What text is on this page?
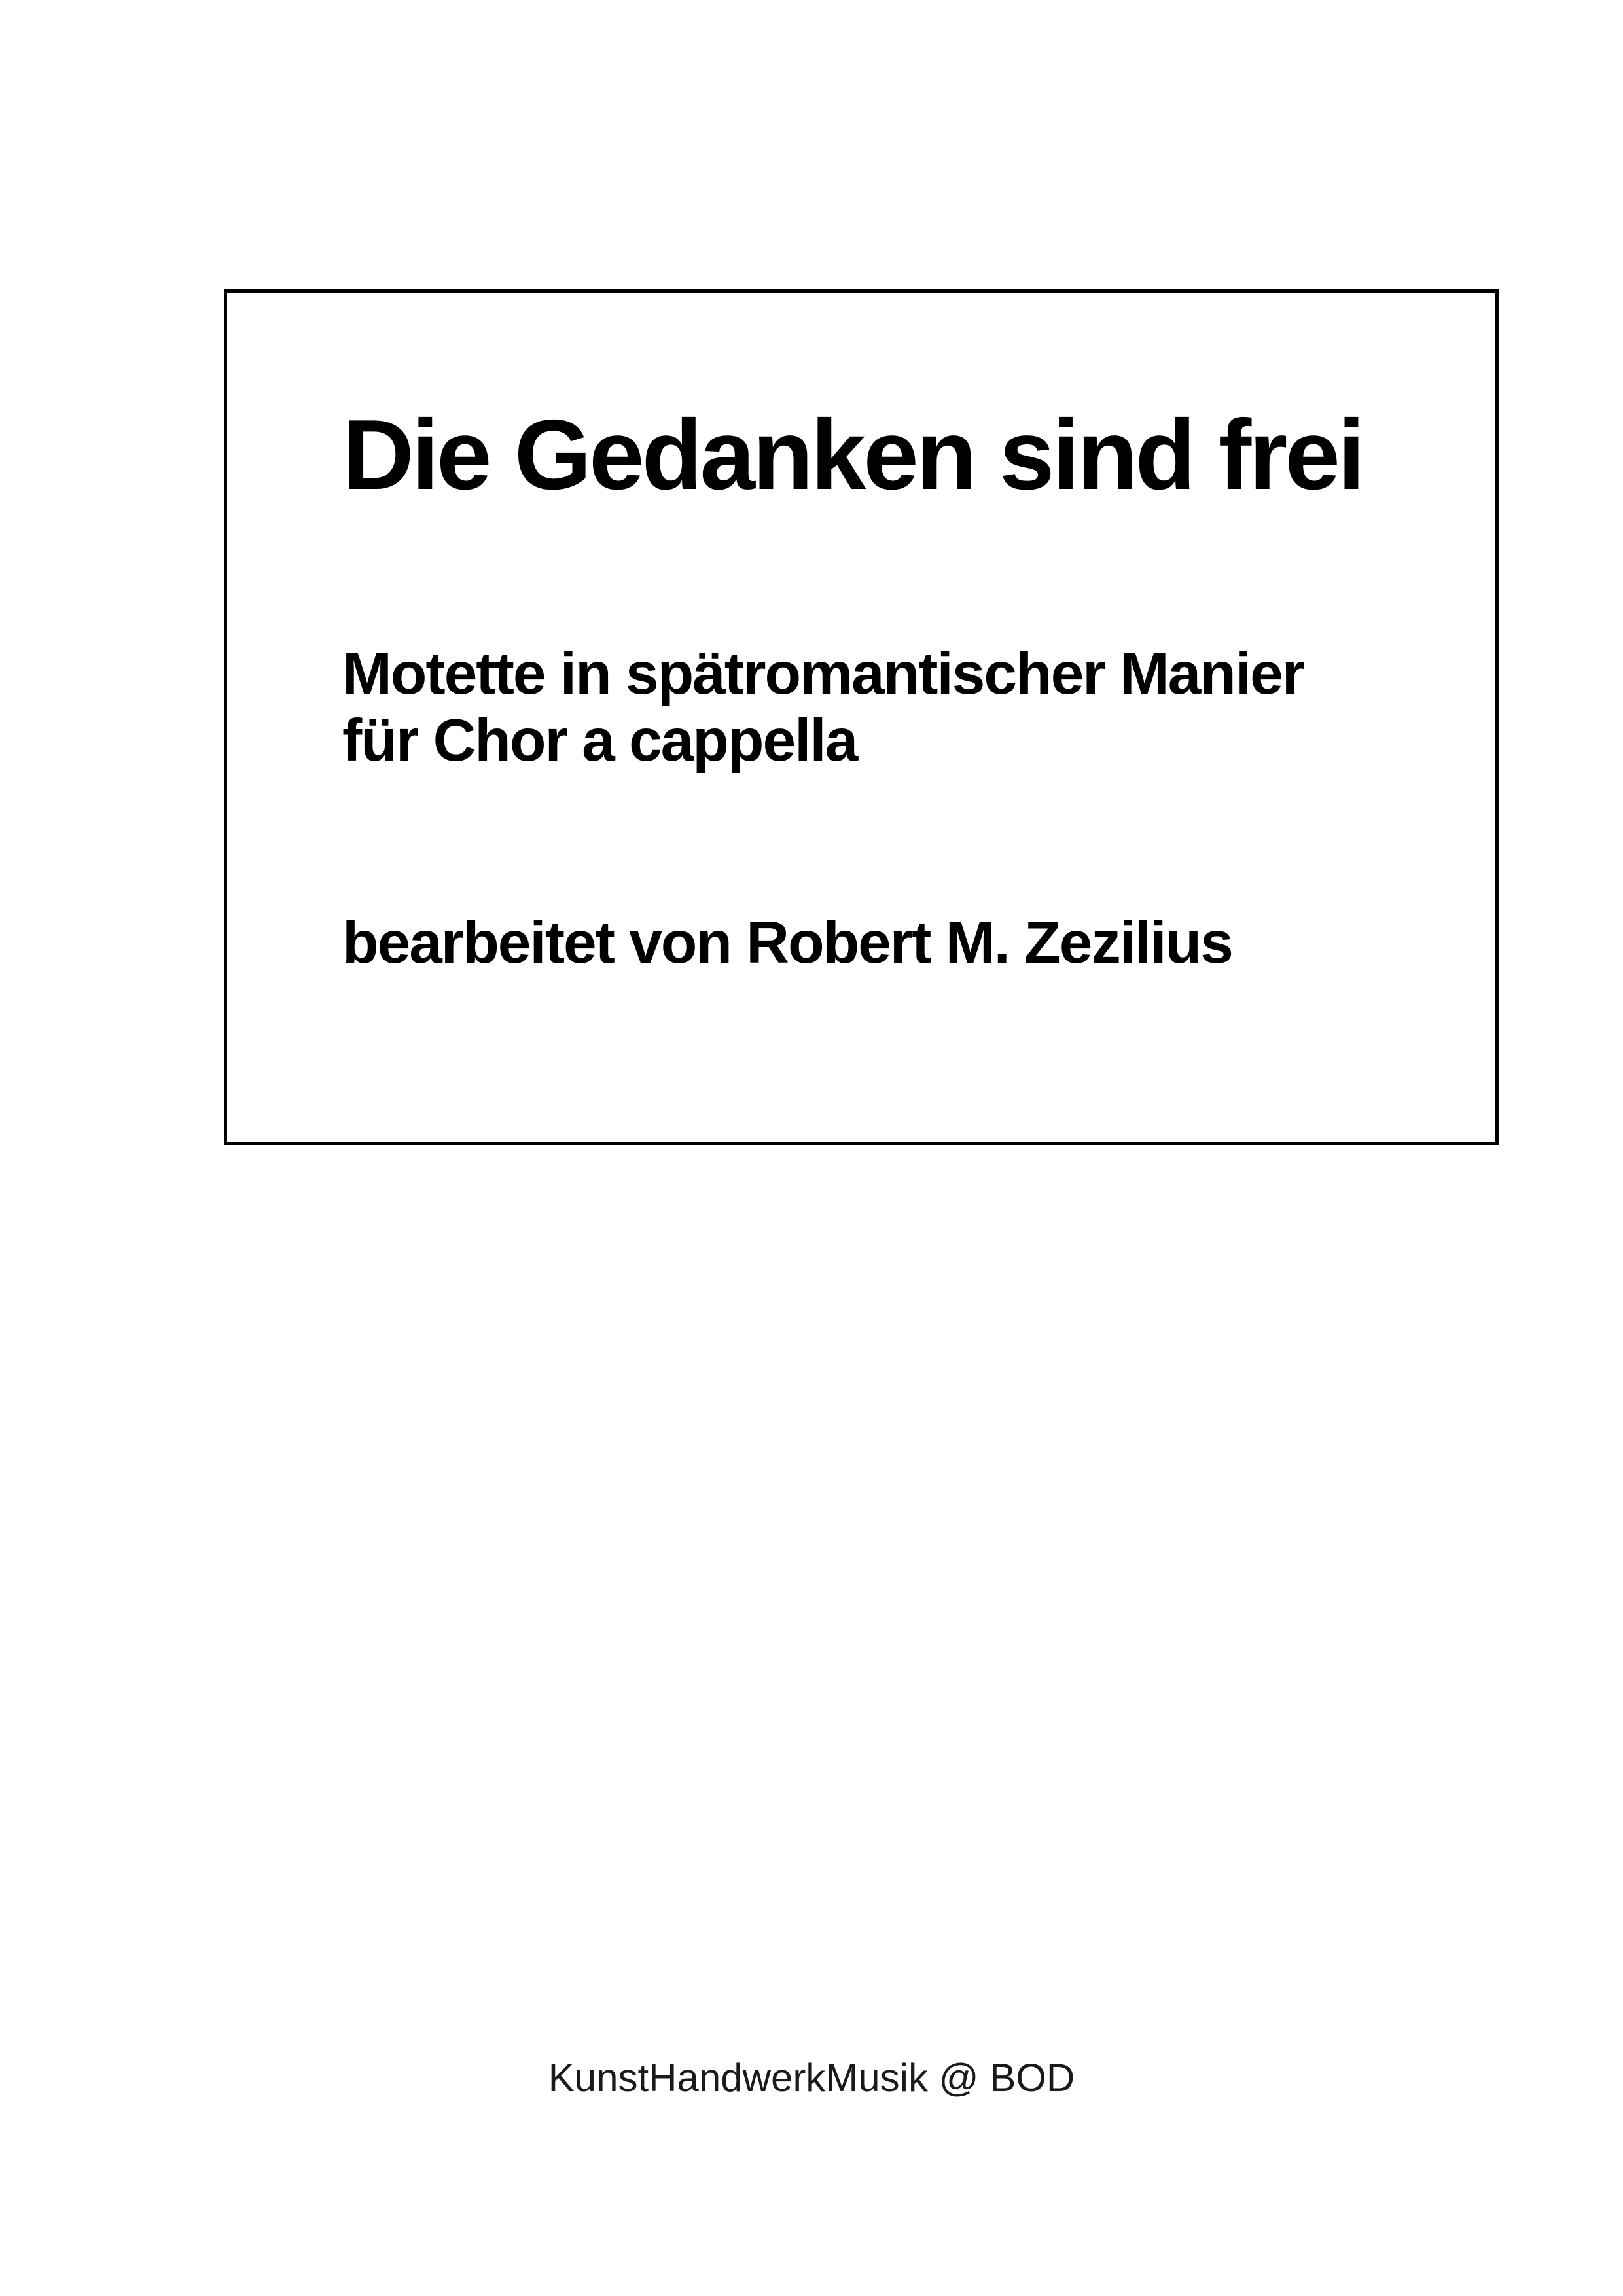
Die Gedanken sind frei
Motette in spätromantischer Manier
für Chor a cappella
bearbeitet von Robert M. Zezilius
KunstHandwerkMusik @ BOD
